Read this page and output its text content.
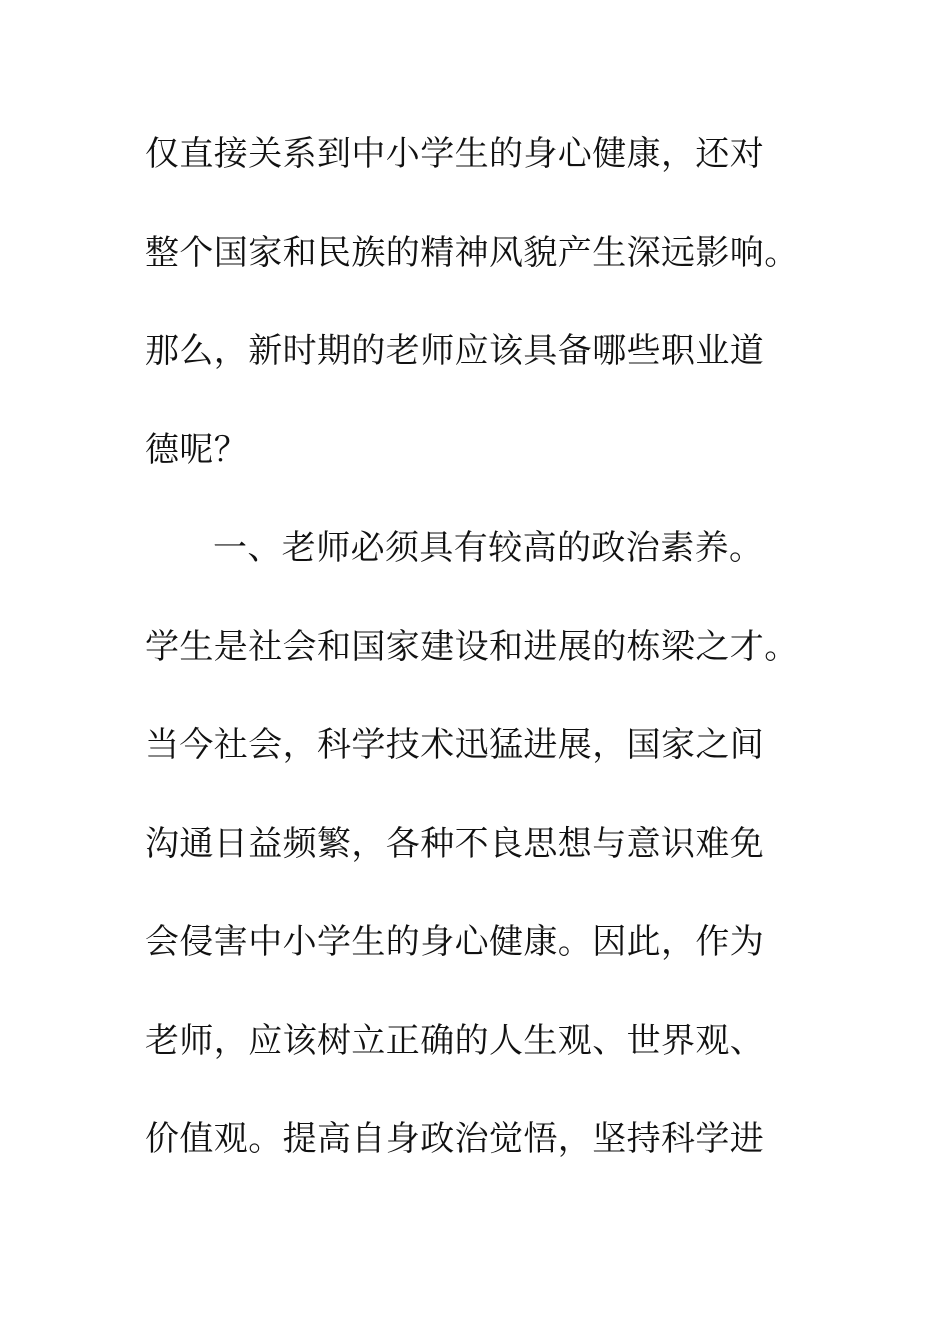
仅直接关系到中小学生的身心健康，还对
整个国家和民族的精神风貌产生深远影响。
那么，新时期的老师应该具备哪些职业道
德呢？
一、老师必须具有较高的政治素养。
学生是社会和国家建设和进展的栋梁之才。
当今社会，科学技术迅猛进展，国家之间
沟通日益频繁，各种不良思想与意识难免
会侵害中小学生的身心健康。因此，作为
老师，应该树立正确的人生观、世界观、
价值观。提高自身政治觉悟，坚持科学进
